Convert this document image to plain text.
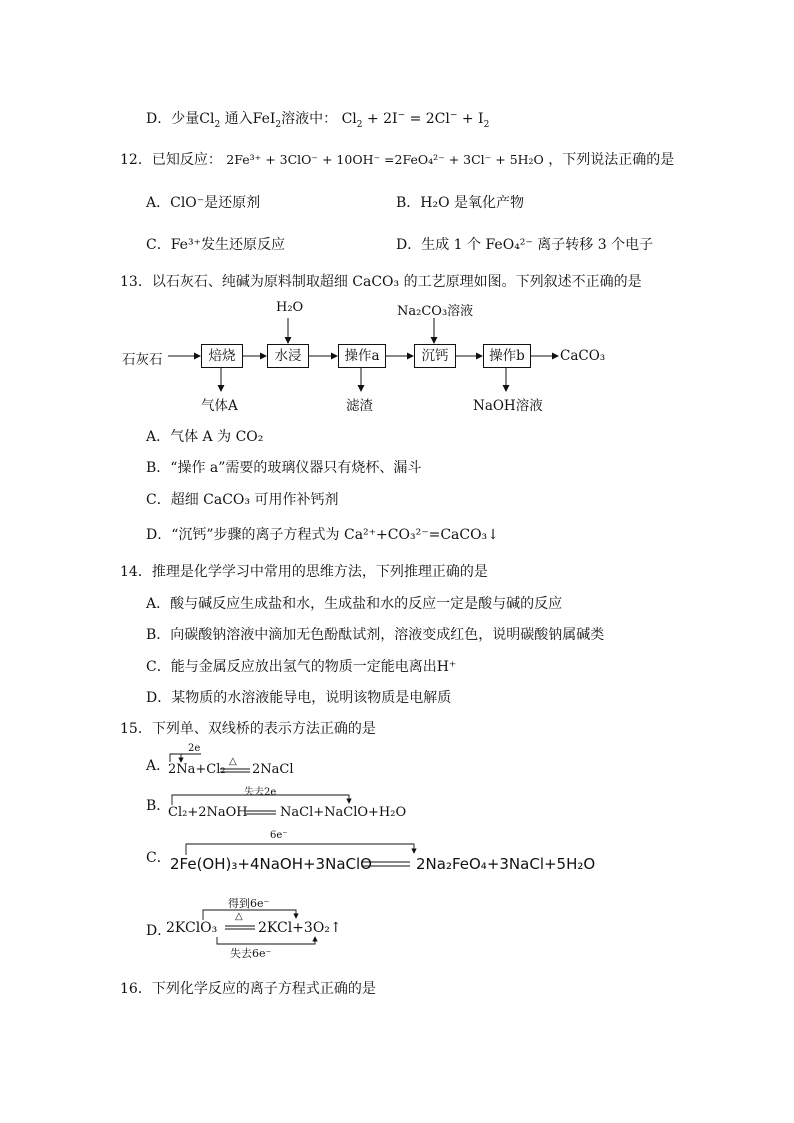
D．少量$Cl_2$ 通入FeI$_2$溶液中： $Cl_2 + 2I^- = 2Cl^- + I_2$
12．已知反应： 2Fe³⁺ + 3ClO⁻ + 10OH⁻ =2FeO₄²⁻ + 3Cl⁻ + 5H₂O ，下列说法正确的是
A．ClO⁻是还原剂	B．H₂O 是氧化产物
C．Fe³⁺发生还原反应	D．生成 1 个 FeO₄²⁻ 离子转移 3 个电子
13．以石灰石、纯碱为原料制取超细 CaCO₃ 的工艺原理如图。下列叙述不正确的是
H₂O	Na₂CO₃溶液
石灰石	焙烧	水浸	操作a	沉钙	操作b	CaCO₃
气体A	滤渣	NaOH溶液
A．气体 A 为 CO₂
B．“操作 a”需要的玻璃仪器只有烧杯、漏斗
C．超细 CaCO₃ 可用作补钙剂
D．“沉钙”步骤的离子方程式为 Ca²⁺+CO₃²⁻=CaCO₃↓
14．推理是化学学习中常用的思维方法，下列推理正确的是
A．酸与碱反应生成盐和水，生成盐和水的反应一定是酸与碱的反应
B．向碳酸钠溶液中滴加无色酚酞试剂，溶液变成红色，说明碳酸钠属碱类
C．能与金属反应放出氢气的物质一定能电离出H⁺
D．某物质的水溶液能导电，说明该物质是电解质
15．下列单、双线桥的表示方法正确的是
A．
2e
2Na+Cl₂
△
2NaCl
B．
失去2e
Cl₂+2NaOH NaCl+NaClO+H₂O
C．
6e⁻
2Fe(OH)₃+4NaOH+3NaClO	2Na₂FeO₄+3NaCl+5H₂O
D．
得到6e⁻
2KClO₃
△
2KCl+3O₂↑
失去6e⁻
16．下列化学反应的离子方程式正确的是
